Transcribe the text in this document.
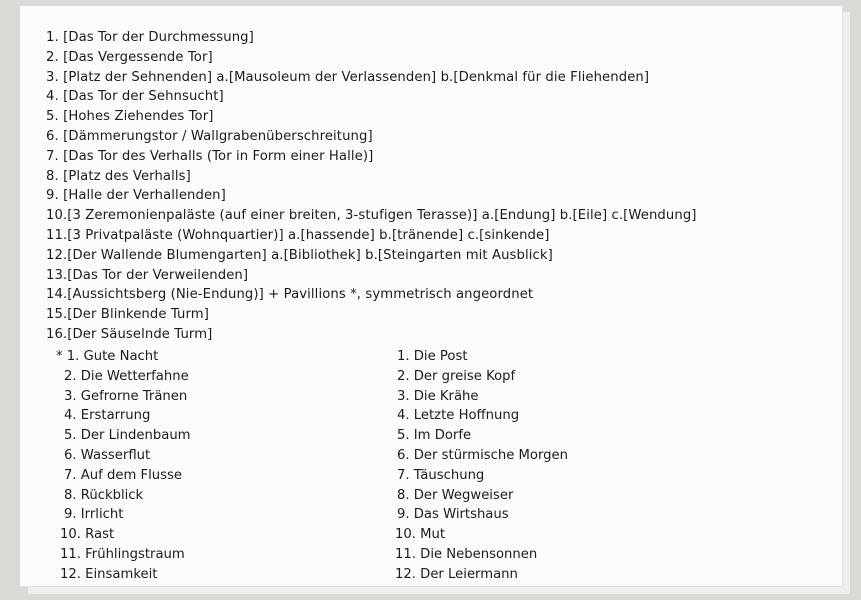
1. [Das Tor der Durchmessung]
2. [Das Vergessende Tor]
3. [Platz der Sehnenden] a.[Mausoleum der Verlassenden] b.[Denkmal für die Fliehenden]
4. [Das Tor der Sehnsucht]
5. [Hohes Ziehendes Tor]
6. [Dämmerungstor / Wallgrabenüberschreitung]
7. [Das Tor des Verhalls (Tor in Form einer Halle)]
8. [Platz des Verhalls]
9. [Halle der Verhallenden]
10.[3 Zeremonienpaläste (auf einer breiten, 3-stufigen Terasse)] a.[Endung] b.[Eile] c.[Wendung]
11.[3 Privatpaläste (Wohnquartier)] a.[hassende] b.[tränende] c.[sinkende]
12.[Der Wallende Blumengarten] a.[Bibliothek] b.[Steingarten mit Ausblick]
13.[Das Tor der Verweilenden]
14.[Aussichtsberg (Nie-Endung)] + Pavillions *, symmetrisch angeordnet
15.[Der Blinkende Turm]
16.[Der Säuselnde Turm]
* 1. Gute Nacht
2. Die Wetterfahne
3. Gefrorne Tränen
4. Erstarrung
5. Der Lindenbaum
6. Wasserflut
7. Auf dem Flusse
8. Rückblick
9. Irrlicht
10. Rast
11. Frühlingstraum
12. Einsamkeit
1. Die Post
2. Der greise Kopf
3. Die Krähe
4. Letzte Hoffnung
5. Im Dorfe
6. Der stürmische Morgen
7. Täuschung
8. Der Wegweiser
9. Das Wirtshaus
10. Mut
11. Die Nebensonnen
12. Der Leiermann
